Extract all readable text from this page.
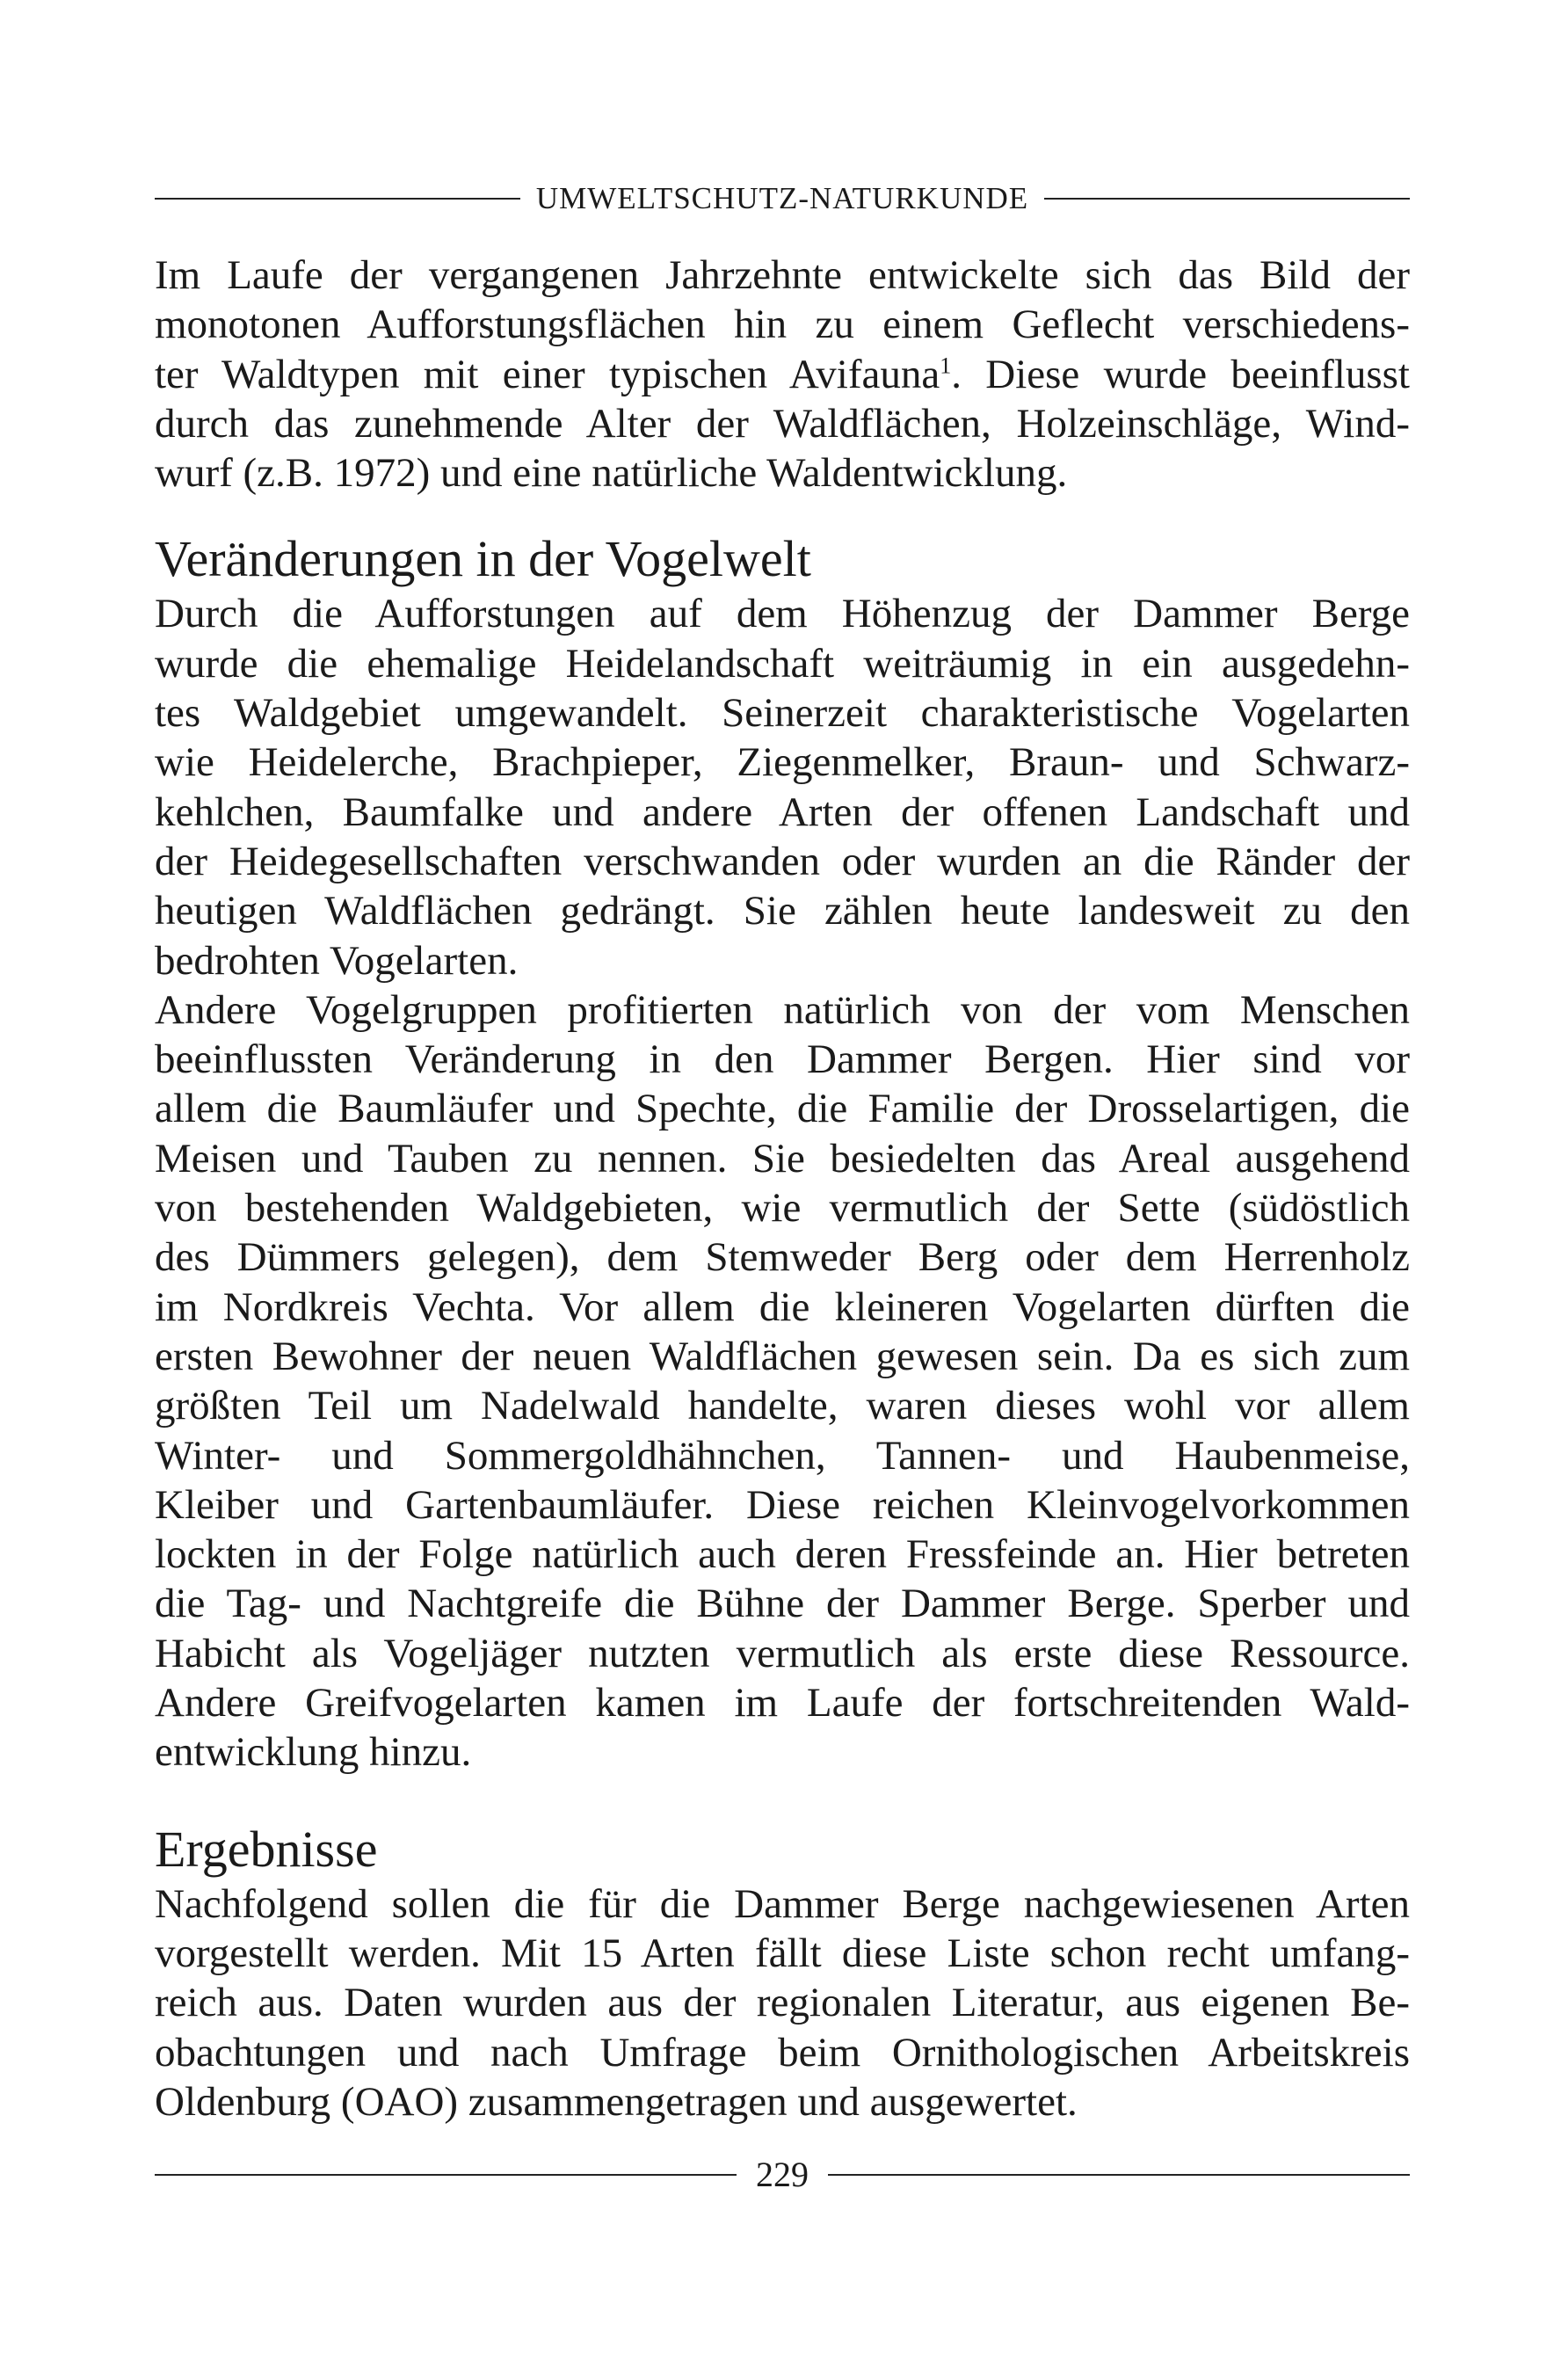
UMWELTSCHUTZ-NATURKUNDE
Im Laufe der vergangenen Jahrzehnte entwickelte sich das Bild der
monotonen Aufforstungsflächen hin zu einem Geflecht verschiedens-
ter Waldtypen mit einer typischen Avifauna$^1$. Diese wurde beeinflusst
durch das zunehmende Alter der Waldflächen, Holzeinschläge, Wind-
wurf (z.B. 1972) und eine natürliche Waldentwicklung.
Veränderungen in der Vogelwelt
Durch die Aufforstungen auf dem Höhenzug der Dammer Berge
wurde die ehemalige Heidelandschaft weiträumig in ein ausgedehn-
tes Waldgebiet umgewandelt. Seinerzeit charakteristische Vogelarten
wie Heidelerche, Brachpieper, Ziegenmelker, Braun- und Schwarz-
kehlchen, Baumfalke und andere Arten der offenen Landschaft und
der Heidegesellschaften verschwanden oder wurden an die Ränder der
heutigen Waldflächen gedrängt. Sie zählen heute landesweit zu den
bedrohten Vogelarten.
Andere Vogelgruppen profitierten natürlich von der vom Menschen
beeinflussten Veränderung in den Dammer Bergen. Hier sind vor
allem die Baumläufer und Spechte, die Familie der Drosselartigen, die
Meisen und Tauben zu nennen. Sie besiedelten das Areal ausgehend
von bestehenden Waldgebieten, wie vermutlich der Sette (südöstlich
des Dümmers gelegen), dem Stemweder Berg oder dem Herrenholz
im Nordkreis Vechta. Vor allem die kleineren Vogelarten dürften die
ersten Bewohner der neuen Waldflächen gewesen sein. Da es sich zum
größten Teil um Nadelwald handelte, waren dieses wohl vor allem
Winter- und Sommergoldhähnchen, Tannen- und Haubenmeise,
Kleiber und Gartenbaumläufer. Diese reichen Kleinvogelvorkommen
lockten in der Folge natürlich auch deren Fressfeinde an. Hier betreten
die Tag- und Nachtgreife die Bühne der Dammer Berge. Sperber und
Habicht als Vogeljäger nutzten vermutlich als erste diese Ressource.
Andere Greifvogelarten kamen im Laufe der fortschreitenden Wald-
entwicklung hinzu.
Ergebnisse
Nachfolgend sollen die für die Dammer Berge nachgewiesenen Arten
vorgestellt werden. Mit 15 Arten fällt diese Liste schon recht umfang-
reich aus. Daten wurden aus der regionalen Literatur, aus eigenen Be-
obachtungen und nach Umfrage beim Ornithologischen Arbeitskreis
Oldenburg (OAO) zusammengetragen und ausgewertet.
229
